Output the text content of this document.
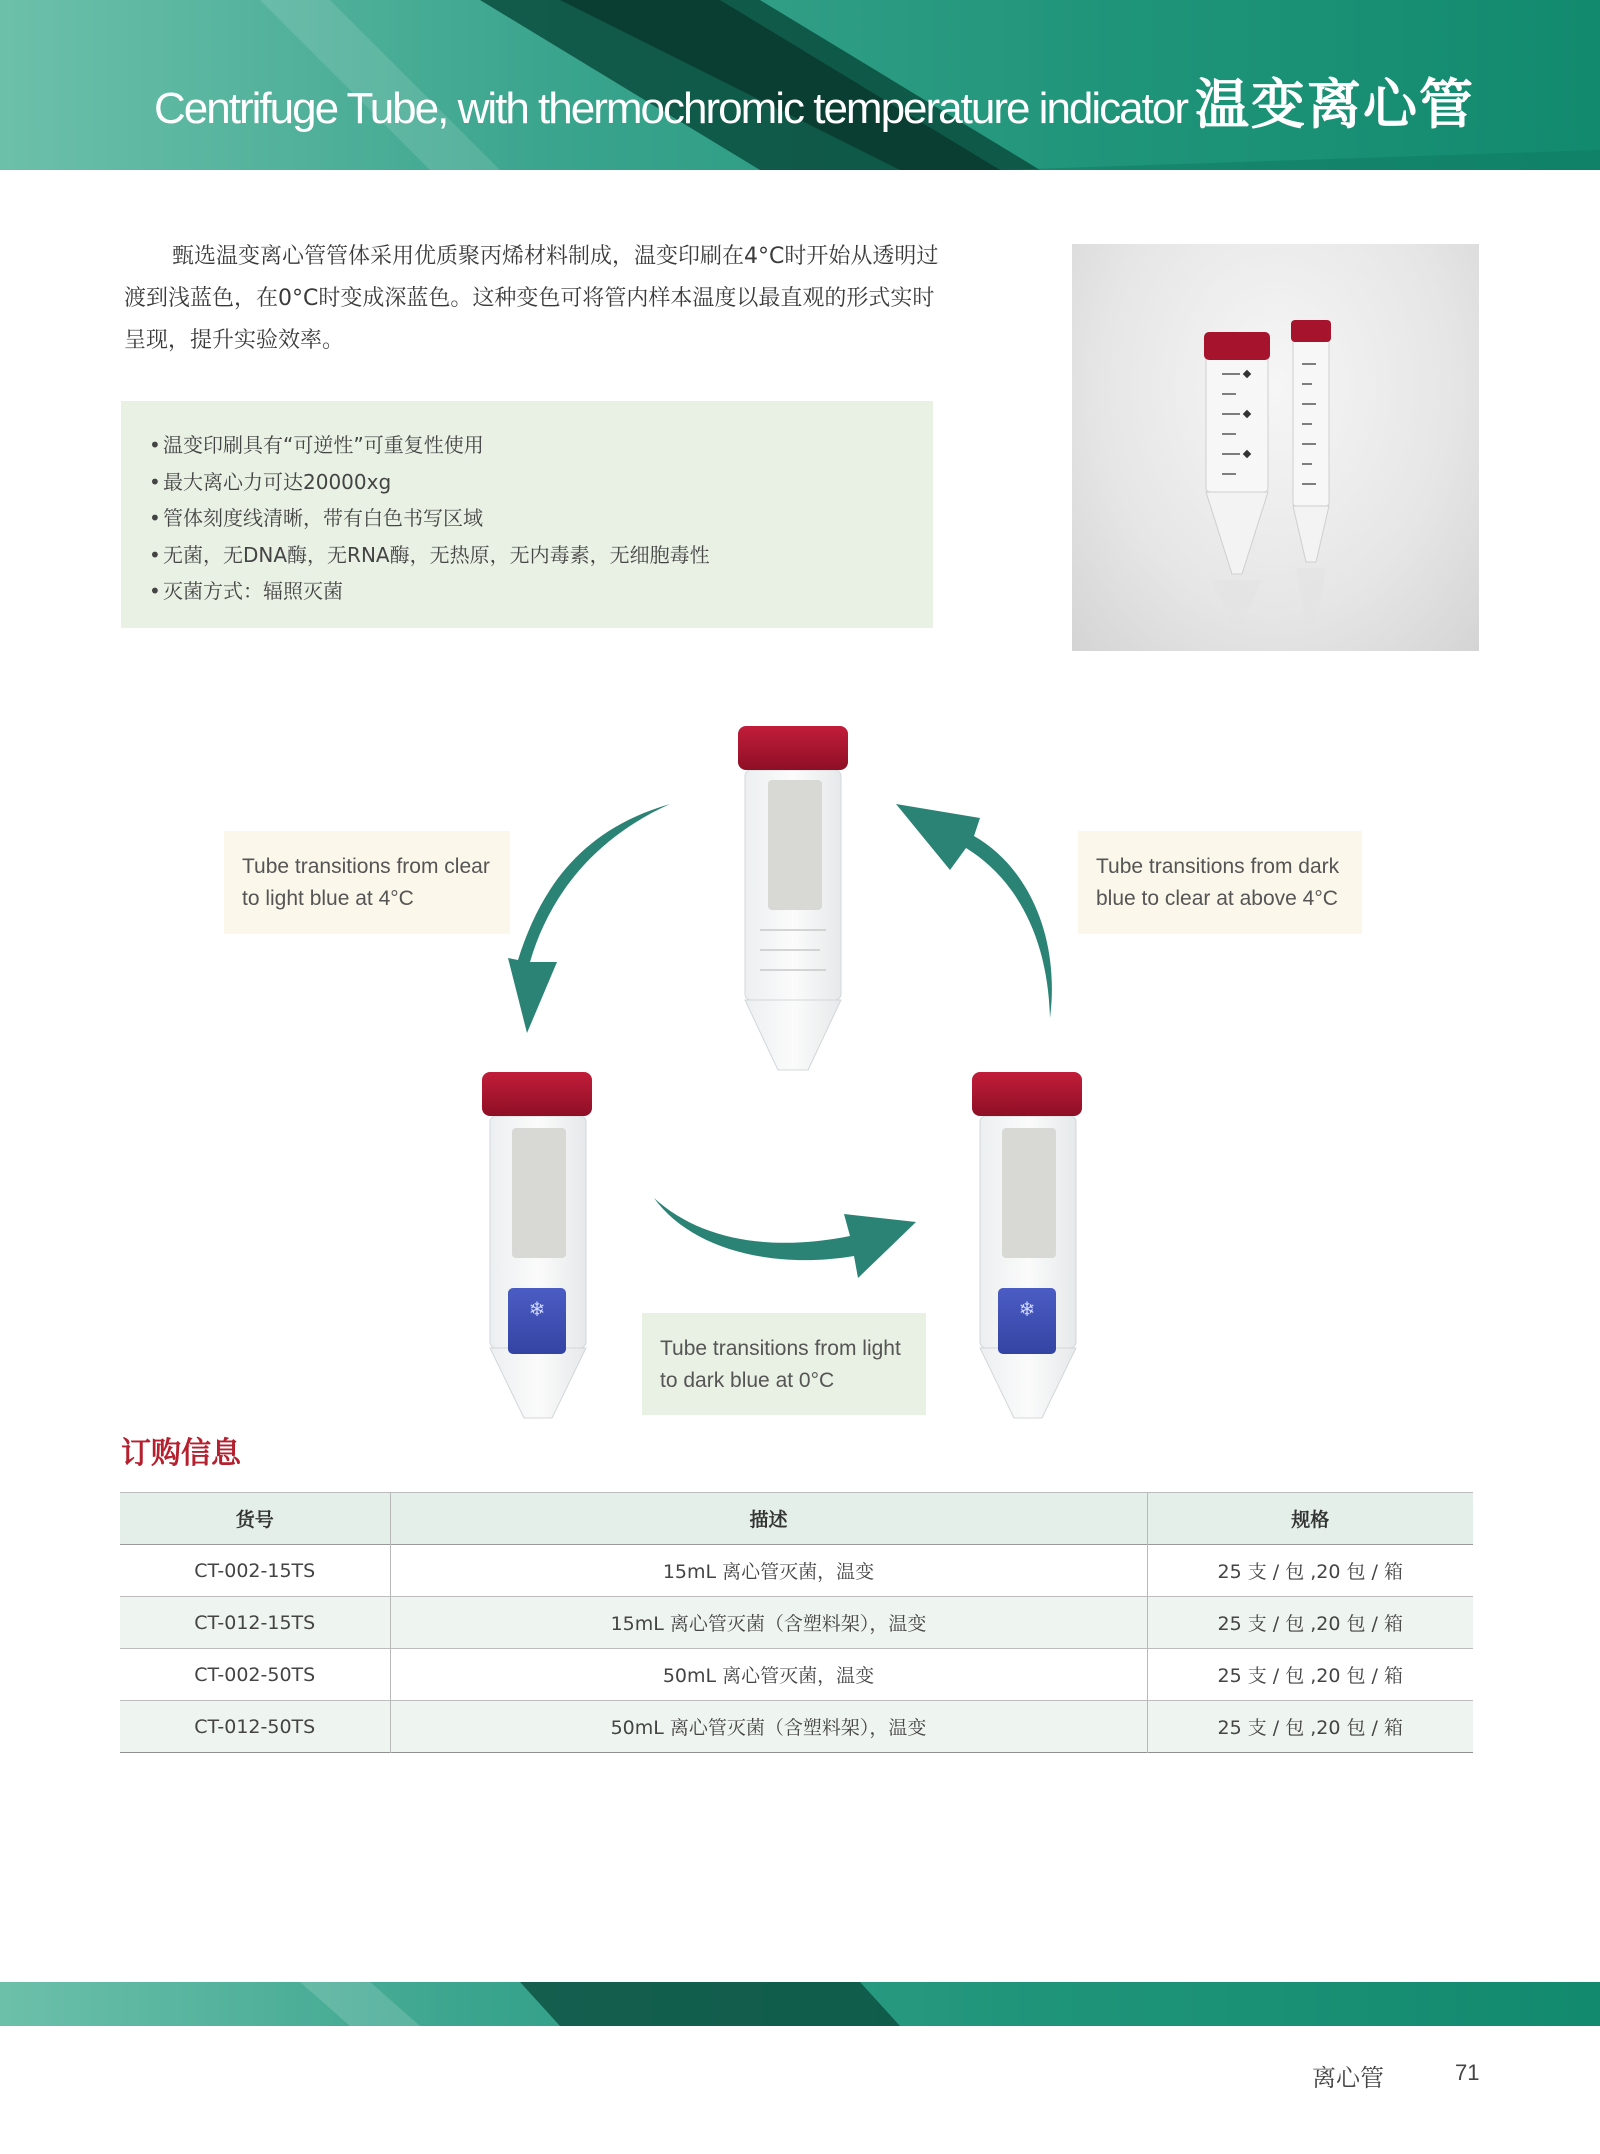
Centrifuge Tube, with thermochromic temperature indicator 温变离心管

甄选温变离心管管体采用优质聚丙烯材料制成，温变印刷在4°C时开始从透明过渡到浅蓝色，在0°C时变成深蓝色。这种变色可将管内样本温度以最直观的形式实时呈现，提升实验效率。

• 温变印刷具有“可逆性”可重复性使用
• 最大离心力可达20000xg
• 管体刻度线清晰，带有白色书写区域
• 无菌，无DNA酶，无RNA酶，无热原，无内毒素，无细胞毒性
• 灭菌方式：辐照灭菌
❄	❄
Tube transitions from clear to light blue at 4°C
Tube transitions from dark blue to clear at above 4°C
Tube transitions from light to dark blue at 0°C
订购信息
货号	描述	规格
CT-002-15TS	15mL 离心管灭菌，温变	25 支 / 包 ,20 包 / 箱
CT-012-15TS	15mL 离心管灭菌（含塑料架），温变	25 支 / 包 ,20 包 / 箱
CT-002-50TS	50mL 离心管灭菌，温变	25 支 / 包 ,20 包 / 箱
CT-012-50TS	50mL 离心管灭菌（含塑料架），温变	25 支 / 包 ,20 包 / 箱
离心管	71
